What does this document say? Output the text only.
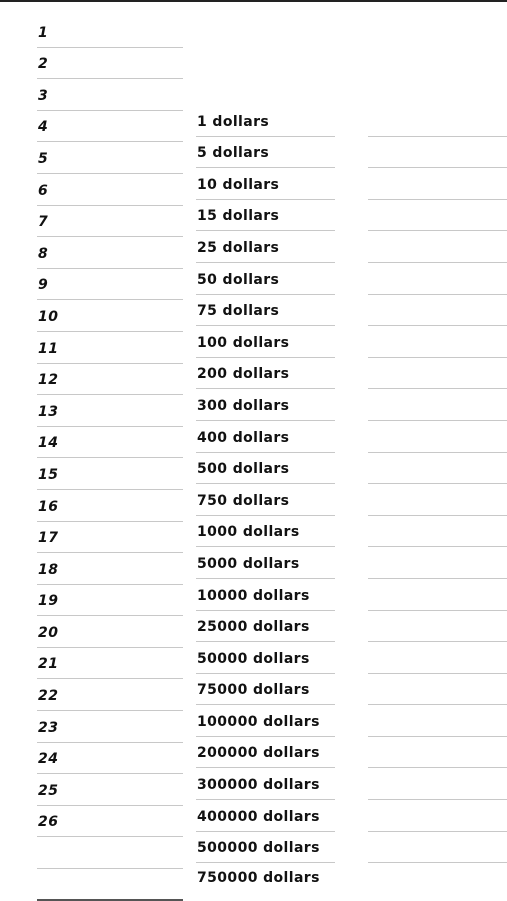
1
2
3
4
5
6
7
8
9
10
11
12
13
14
15
16
17
18
19
20
21
22
23
24
25
26
1 dollars
5 dollars
10 dollars
15 dollars
25 dollars
50 dollars
75 dollars
100 dollars
200 dollars
300 dollars
400 dollars
500 dollars
750 dollars
1000 dollars
5000 dollars
10000 dollars
25000 dollars
50000 dollars
75000 dollars
100000 dollars
200000 dollars
300000 dollars
400000 dollars
500000 dollars
750000 dollars
